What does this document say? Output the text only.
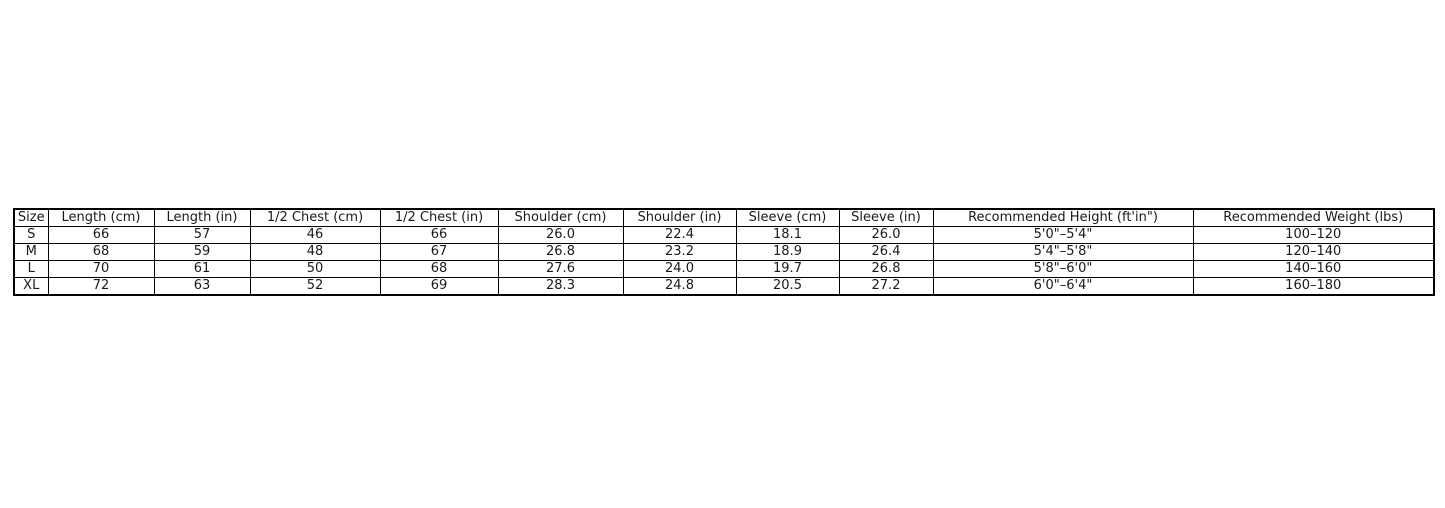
Size	Length (cm)	Length (in)	1/2 Chest (cm)	1/2 Chest (in)	Shoulder (cm)	Shoulder (in)	Sleeve (cm)	Sleeve (in)	Recommended Height (ft'in")	Recommended Weight (lbs)
S	66	57	46	66	26.0	22.4	18.1	26.0	5'0"–5'4"	100–120
M	68	59	48	67	26.8	23.2	18.9	26.4	5'4"–5'8"	120–140
L	70	61	50	68	27.6	24.0	19.7	26.8	5'8"–6'0"	140–160
XL	72	63	52	69	28.3	24.8	20.5	27.2	6'0"–6'4"	160–180
